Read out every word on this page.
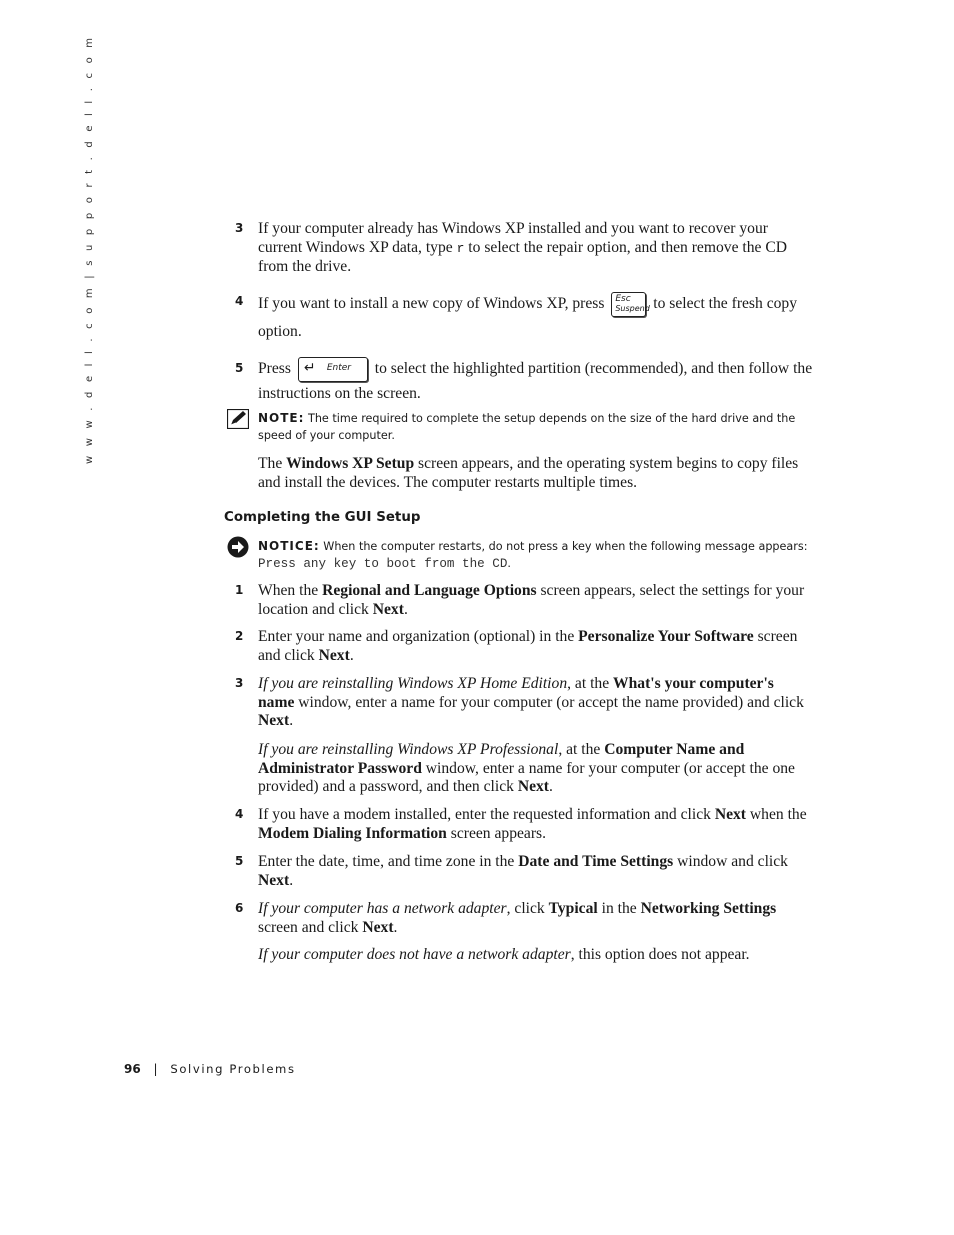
w w w . d e l l . c o m | s u p p o r t . d e l l . c o m	3 If your computer already has Windows XP installed and you want to recover your current Windows XP data, type r to select the repair option, and then remove the CD from the drive.
4 If you want to install a new copy of Windows XP, press Esc
Suspend to select the fresh copy
option.
5 Press ↵ Enter to select the highlighted partition (recommended), and then follow the instructions on the screen.
NOTE: The time required to complete the setup depends on the size of the hard drive and the speed of your computer.
The Windows XP Setup screen appears, and the operating system begins to copy files and install the devices. The computer restarts multiple times.
Completing the GUI Setup
NOTICE: When the computer restarts, do not press a key when the following message appears:
Press any key to boot from the CD.
1 When the Regional and Language Options screen appears, select the settings for your location and click Next.
2 Enter your name and organization (optional) in the Personalize Your Software screen and click Next.
3 If you are reinstalling Windows XP Home Edition, at the What's your computer's name window, enter a name for your computer (or accept the name provided) and click Next.
If you are reinstalling Windows XP Professional, at the Computer Name and Administrator Password window, enter a name for your computer (or accept the one provided) and a password, and then click Next.
4 If you have a modem installed, enter the requested information and click Next when the Modem Dialing Information screen appears.
5 Enter the date, time, and time zone in the Date and Time Settings window and click Next.
6 If your computer has a network adapter, click Typical in the Networking Settings screen and click Next.
If your computer does not have a network adapter, this option does not appear.
96 | Solving Problems
